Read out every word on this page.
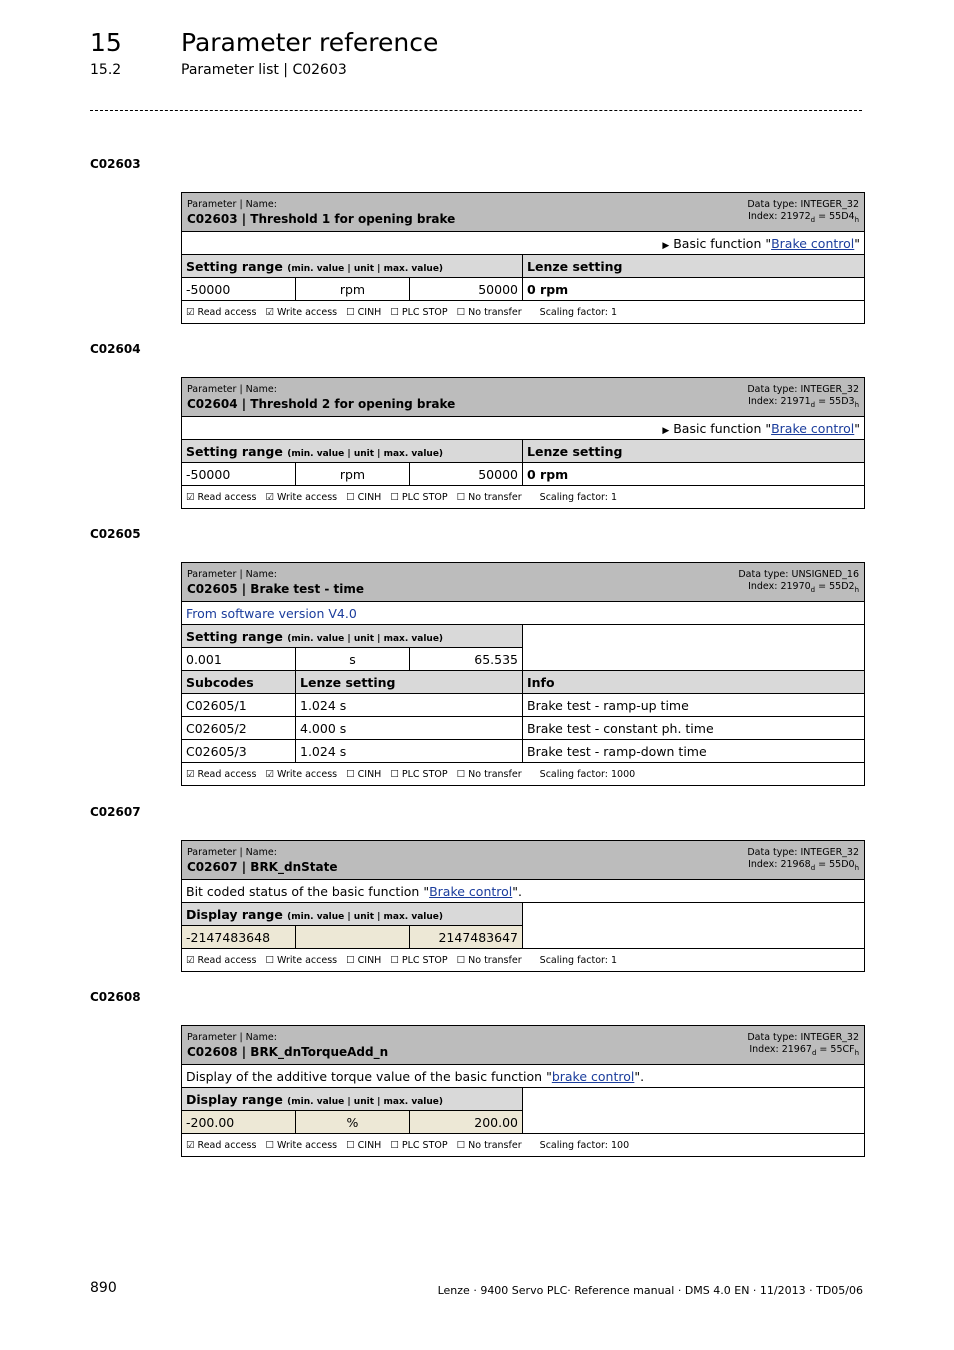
15 Parameter reference
15.2	Parameter list | C02603
C02603
Data type: INTEGER_32
Index: $21972_d = 55D4_h$
Parameter | Name:
C02603 | Threshold 1 for opening brake			

▶ Basic function "Brake control"			
Setting range (min. value | unit | max. value)			Lenze setting
-50000	rpm	50000	0 rpm
☑ Read access ☑ Write access ☐ CINH ☐ PLC STOP ☐ No transfer Scaling factor: 1			
C02604
Data type: INTEGER_32
Index: $21971_d = 55D3_h$
Parameter | Name:
C02604 | Threshold 2 for opening brake			

▶ Basic function "Brake control"			
Setting range (min. value | unit | max. value)			Lenze setting
-50000	rpm	50000	0 rpm
☑ Read access ☑ Write access ☐ CINH ☐ PLC STOP ☐ No transfer Scaling factor: 1			
C02605
Data type: UNSIGNED_16
Index: $21970_d = 55D2_h$
Parameter | Name:
C02605 | Brake test - time			

From software version V4.0			
Setting range (min. value | unit | max. value)			
0.001	s	65.535	
Subcodes	Lenze setting		Info
C02605/1	1.024 s		Brake test - ramp-up time
C02605/2	4.000 s		Brake test - constant ph. time
C02605/3	1.024 s		Brake test - ramp-down time
☑ Read access ☑ Write access ☐ CINH ☐ PLC STOP ☐ No transfer Scaling factor: 1000			
C02607
Data type: INTEGER_32
Index: $21968_d = 55D0_h$
Parameter | Name:
C02607 | BRK_dnState			

Bit coded status of the basic function "Brake control".			
Display range (min. value | unit | max. value)			
-2147483648		2147483647	
☑ Read access ☐ Write access ☐ CINH ☐ PLC STOP ☐ No transfer Scaling factor: 1			
C02608
Data type: INTEGER_32
Index: $21967_d = 55CF_h$
Parameter | Name:
C02608 | BRK_dnTorqueAdd_n			

Display of the additive torque value of the basic function "brake control".			
Display range (min. value | unit | max. value)			
-200.00	%	200.00	
☑ Read access ☐ Write access ☐ CINH ☐ PLC STOP ☐ No transfer Scaling factor: 100			
890	Lenze · 9400 Servo PLC· Reference manual · DMS 4.0 EN · 11/2013 · TD05/06
